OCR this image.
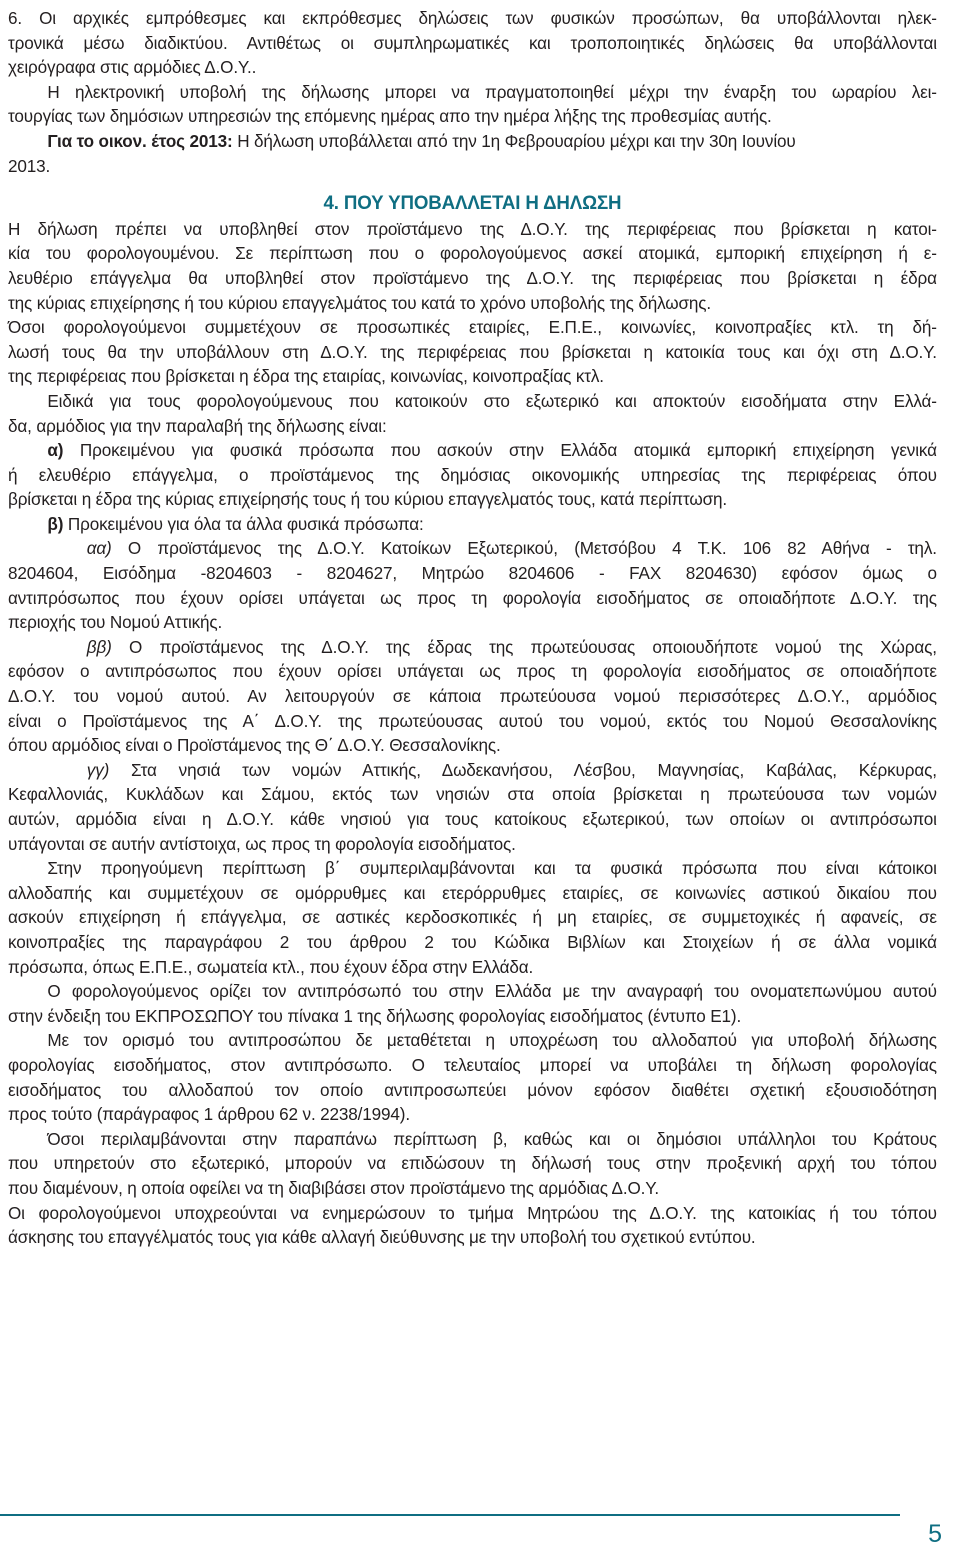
6. Οι αρχικές εμπρόθεσμες και εκπρόθεσμες δηλώσεις των φυσικών προσώπων, θα υποβάλλονται ηλεκ-
τρονικά μέσω διαδικτύου. Αντιθέτως οι συμπληρωματικές και τροποποιητικές δηλώσεις θα υποβάλλονται
χειρόγραφα στις αρμόδιες Δ.Ο.Υ..
Η ηλεκτρονική υποβολή της δήλωσης μπορει να πραγματοποιηθεί μέχρι την έναρξη του ωραρίου λει-
τουργίας των δημόσιων υπηρεσιών της επόμενης ημέρας απο την ημέρα λήξης της προθεσμίας αυτής.
Για το οικον. έτος 2013: Η δήλωση υποβάλλεται από την 1η Φεβρουαρίου μέχρι και την 30η Ιουνίου
2013.
4. ΠΟΥ ΥΠΟΒΑΛΛΕΤΑΙ Η ΔΗΛΩΣΗ
Η δήλωση πρέπει να υποβληθεί στον προϊστάμενο της Δ.Ο.Υ. της περιφέρειας που βρίσκεται η κατοι-
κία του φορολογουμένου. Σε περίπτωση που ο φορολογούμενος ασκεί ατομικά, εμπορική επιχείρηση ή ε-
λευθέριο επάγγελμα θα υποβληθεί στον προϊστάμενο της Δ.Ο.Υ. της περιφέρειας που βρίσκεται η έδρα
της κύριας επιχείρησης ή του κύριου επαγγελμάτος του κατά το χρόνο υποβολής της δήλωσης.
Όσοι φορολογούμενοι συμμετέχουν σε προσωπικές εταιρίες, Ε.Π.Ε., κοινωνίες, κοινοπραξίες κτλ. τη δή-
λωσή τους θα την υποβάλλουν στη Δ.Ο.Υ. της περιφέρειας που βρίσκεται η κατοικία τους και όχι στη Δ.Ο.Υ.
της περιφέρειας που βρίσκεται η έδρα της εταιρίας, κοινωνίας, κοινοπραξίας κτλ.
Ειδικά για τους φορολογούμενους που κατοικούν στο εξωτερικό και αποκτούν εισοδήματα στην Ελλά-
δα, αρμόδιος για την παραλαβή της δήλωσης είναι:
α) Προκειμένου για φυσικά πρόσωπα που ασκούν στην Ελλάδα ατομικά εμπορική επιχείρηση γενικά
ή ελευθέριο επάγγελμα, ο προϊστάμενος της δημόσιας οικονομικής υπηρεσίας της περιφέρειας όπου
βρίσκεται η έδρα της κύριας επιχείρησής τους ή του κύριου επαγγελματός τους, κατά περίπτωση.
β) Προκειμένου για όλα τα άλλα φυσικά πρόσωπα:
αα) Ο προϊστάμενος της Δ.Ο.Υ. Κατοίκων Εξωτερικού, (Μετσόβου 4 Τ.Κ. 106 82 Αθήνα - τηλ.
8204604, Εισόδημα -8204603 - 8204627, Μητρώο 8204606 - FAX 8204630) εφόσον όμως ο
αντιπρόσωπος που έχουν ορίσει υπάγεται ως προς τη φορολογία εισοδήματος σε οποιαδήποτε Δ.Ο.Υ. της
περιοχής του Νομού Αττικής.
ββ) Ο προϊστάμενος της Δ.Ο.Υ. της έδρας της πρωτεύουσας οποιουδήποτε νομού της Χώρας,
εφόσον ο αντιπρόσωπος που έχουν ορίσει υπάγεται ως προς τη φορολογία εισοδήματος σε οποιαδήποτε
Δ.Ο.Υ. του νομού αυτού. Αν λειτουργούν σε κάποια πρωτεύουσα νομού περισσότερες Δ.Ο.Υ., αρμόδιος
είναι ο Προϊστάμενος της Α΄ Δ.Ο.Υ. της πρωτεύουσας αυτού του νομού, εκτός του Νομού Θεσσαλονίκης
όπου αρμόδιος είναι ο Προϊστάμενος της Θ΄ Δ.Ο.Υ. Θεσσαλονίκης.
γγ) Στα νησιά των νομών Αττικής, Δωδεκανήσου, Λέσβου, Μαγνησίας, Καβάλας, Κέρκυρας,
Κεφαλλονιάς, Κυκλάδων και Σάμου, εκτός των νησιών στα οποία βρίσκεται η πρωτεύουσα των νομών
αυτών, αρμόδια είναι η Δ.Ο.Υ. κάθε νησιού για τους κατοίκους εξωτερικού, των οποίων οι αντιπρόσωποι
υπάγονται σε αυτήν αντίστοιχα, ως προς τη φορολογία εισοδήματος.
Στην προηγούμενη περίπτωση β΄ συμπεριλαμβάνονται και τα φυσικά πρόσωπα που είναι κάτοικοι
αλλοδαπής και συμμετέχουν σε ομόρρυθμες και ετερόρρυθμες εταιρίες, σε κοινωνίες αστικού δικαίου που
ασκούν επιχείρηση ή επάγγελμα, σε αστικές κερδοσκοπικές ή μη εταιρίες, σε συμμετοχικές ή αφανείς, σε
κοινοπραξίες της παραγράφου 2 του άρθρου 2 του Κώδικα Βιβλίων και Στοιχείων ή σε άλλα νομικά
πρόσωπα, όπως Ε.Π.Ε., σωματεία κτλ., που έχουν έδρα στην Ελλάδα.
Ο φορολογούμενος ορίζει τον αντιπρόσωπό του στην Ελλάδα με την αναγραφή του ονοματεπωνύμου αυτού
στην ένδειξη του ΕΚΠΡΟΣΩΠΟΥ του πίνακα 1 της δήλωσης φορολογίας εισοδήματος (έντυπο Ε1).
Με τον ορισμό του αντιπροσώπου δε μεταθέτεται η υποχρέωση του αλλοδαπού για υποβολή δήλωσης
φορολογίας εισοδήματος, στον αντιπρόσωπο. Ο τελευταίος μπορεί να υποβάλει τη δήλωση φορολογίας
εισοδήματος του αλλοδαπού τον οποίο αντιπροσωπεύει μόνον εφόσον διαθέτει σχετική εξουσιοδότηση
προς τούτο (παράγραφος 1 άρθρου 62 ν. 2238/1994).
Όσοι περιλαμβάνονται στην παραπάνω περίπτωση β, καθώς και οι δημόσιοι υπάλληλοι του Κράτους
που υπηρετούν στο εξωτερικό, μπορούν να επιδώσουν τη δήλωσή τους στην προξενική αρχή του τόπου
που διαμένουν, η οποία οφείλει να τη διαβιβάσει στον προϊστάμενο της αρμόδιας Δ.Ο.Υ.
Οι φορολογούμενοι υποχρεούνται να ενημερώσουν το τμήμα Μητρώου της Δ.Ο.Υ. της κατοικίας ή του τόπου
άσκησης του επαγγέλματός τους για κάθε αλλαγή διεύθυνσης με την υποβολή του σχετικού εντύπου.
5
